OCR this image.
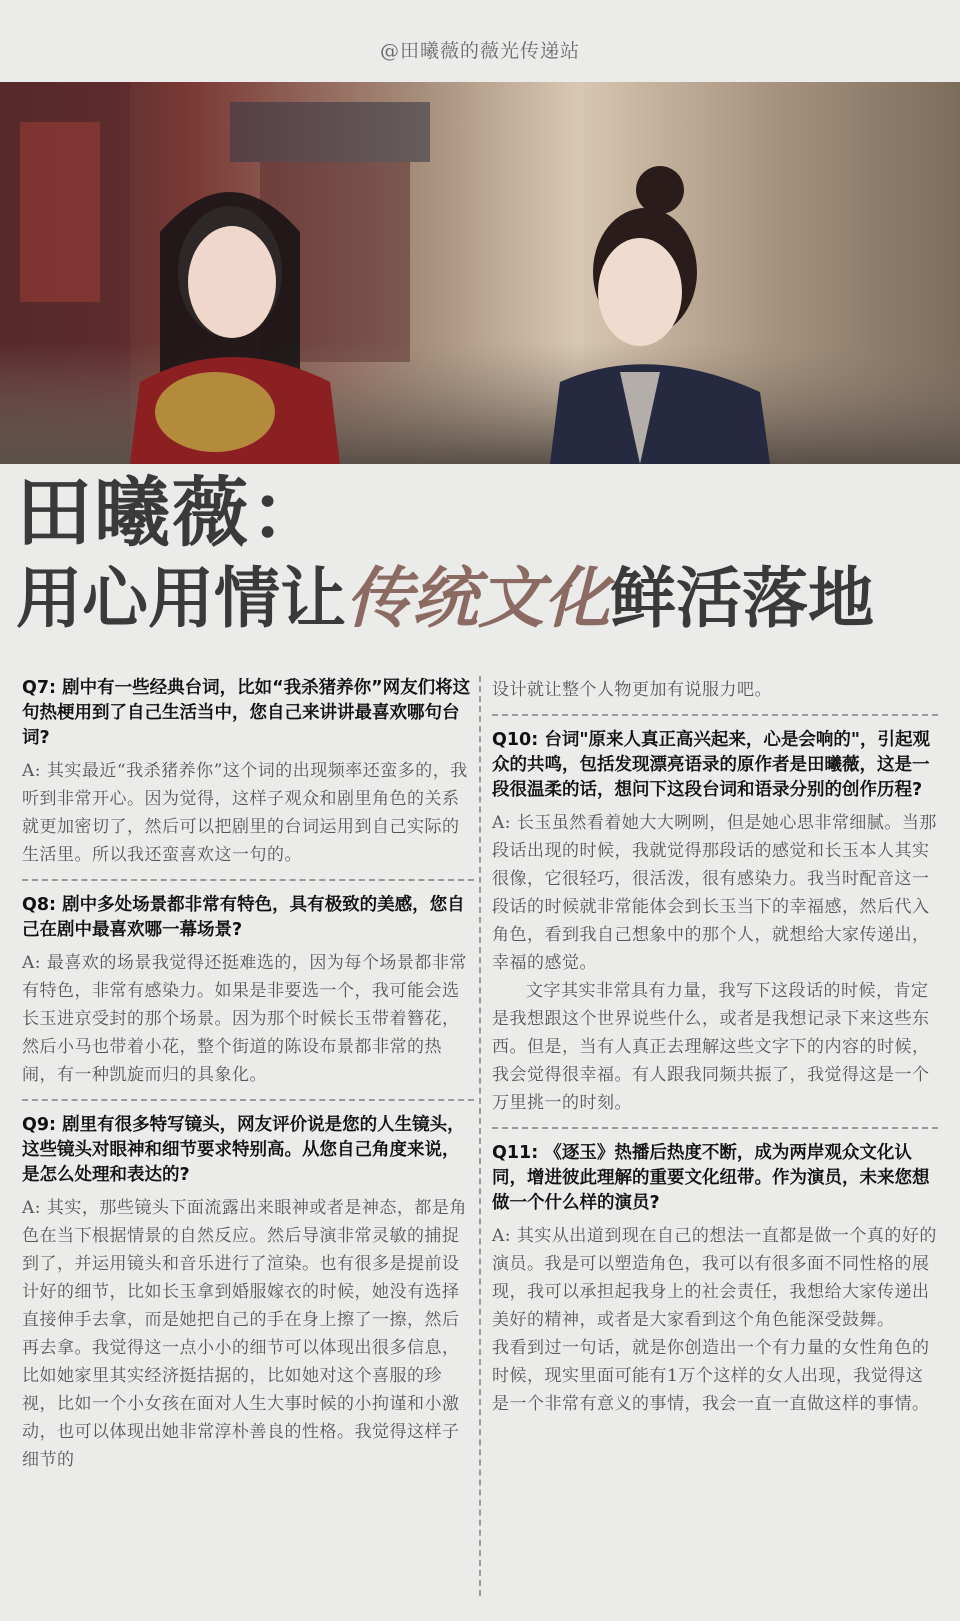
@田曦薇的薇光传递站
田曦薇：
用心用情让传统文化鲜活落地
Q7: 剧中有一些经典台词，比如“我杀猪养你”网友们将这句热梗用到了自己生活当中，您自己来讲讲最喜欢哪句台词?
A: 其实最近“我杀猪养你”这个词的出现频率还蛮多的，我听到非常开心。因为觉得，这样子观众和剧里角色的关系就更加密切了，然后可以把剧里的台词运用到自己实际的生活里。所以我还蛮喜欢这一句的。
Q8: 剧中多处场景都非常有特色，具有极致的美感，您自己在剧中最喜欢哪一幕场景?
A: 最喜欢的场景我觉得还挺难选的，因为每个场景都非常有特色，非常有感染力。如果是非要选一个，我可能会选长玉进京受封的那个场景。因为那个时候长玉带着簪花，然后小马也带着小花，整个街道的陈设布景都非常的热闹，有一种凯旋而归的具象化。
Q9: 剧里有很多特写镜头，网友评价说是您的人生镜头，这些镜头对眼神和细节要求特别高。从您自己角度来说，是怎么处理和表达的?
A: 其实，那些镜头下面流露出来眼神或者是神态，都是角色在当下根据情景的自然反应。然后导演非常灵敏的捕捉到了，并运用镜头和音乐进行了渲染。也有很多是提前设计好的细节，比如长玉拿到婚服嫁衣的时候，她没有选择直接伸手去拿，而是她把自己的手在身上擦了一擦，然后再去拿。我觉得这一点小小的细节可以体现出很多信息，比如她家里其实经济挺拮据的，比如她对这个喜服的珍视，比如一个小女孩在面对人生大事时候的小拘谨和小激动，也可以体现出她非常淳朴善良的性格。我觉得这样子细节的
设计就让整个人物更加有说服力吧。
Q10: 台词"原来人真正高兴起来，心是会响的"，引起观众的共鸣，包括发现漂亮语录的原作者是田曦薇，这是一段很温柔的话，想问下这段台词和语录分别的创作历程?

A: 长玉虽然看着她大大咧咧，但是她心思非常细腻。当那段话出现的时候，我就觉得那段话的感觉和长玉本人其实很像，它很轻巧，很活泼，很有感染力。我当时配音这一段话的时候就非常能体会到长玉当下的幸福感，然后代入角色，看到我自己想象中的那个人，就想给大家传递出，幸福的感觉。

文字其实非常具有力量，我写下这段话的时候，肯定是我想跟这个世界说些什么，或者是我想记录下来这些东西。但是，当有人真正去理解这些文字下的内容的时候，我会觉得很幸福。有人跟我同频共振了，我觉得这是一个万里挑一的时刻。

Q11: 《逐玉》热播后热度不断，成为两岸观众文化认同，增进彼此理解的重要文化纽带。作为演员，未来您想做一个什么样的演员?

A: 其实从出道到现在自己的想法一直都是做一个真的好的演员。我是可以塑造角色，我可以有很多面不同性格的展现，我可以承担起我身上的社会责任，我想给大家传递出美好的精神，或者是大家看到这个角色能深受鼓舞。

我看到过一句话，就是你创造出一个有力量的女性角色的时候，现实里面可能有1万个这样的女人出现，我觉得这是一个非常有意义的事情，我会一直一直做这样的事情。
